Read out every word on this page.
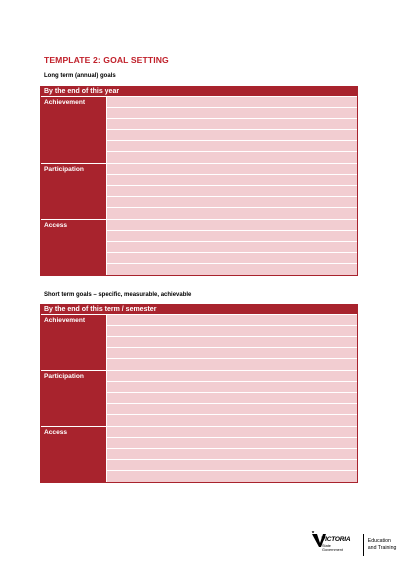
TEMPLATE 2: GOAL SETTING
Long term (annual) goals
By the end of this year
Achievement
Participation
Access
Short term goals – specific, measurable, achievable
By the end of this term / semester
Achievement
Participation
Access
VICTORIA
State
Government
Education
and Training
